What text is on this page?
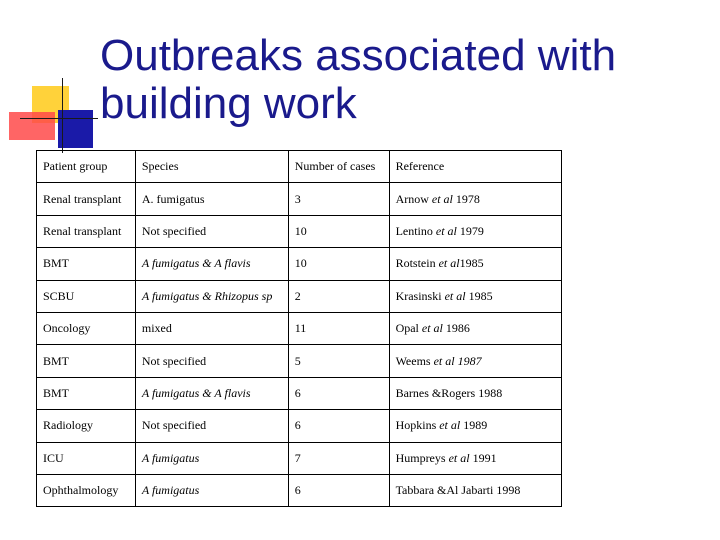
Outbreaks associated with
building work
Patient group	Species	Number of cases	Reference
Renal transplant	A. fumigatus	3	Arnow et al 1978
Renal transplant	Not specified	10	Lentino et al 1979
BMT	A fumigatus & A flavis	10	Rotstein et al1985
SCBU	A fumigatus & Rhizopus sp	2	Krasinski et al 1985
Oncology	mixed	11	Opal et al 1986
BMT	Not specified	5	Weems et al 1987
BMT	A fumigatus & A flavis	6	Barnes &Rogers 1988
Radiology	Not specified	6	Hopkins et al 1989
ICU	A fumigatus	7	Humpreys et al 1991
Ophthalmology	A fumigatus	6	Tabbara &Al Jabarti 1998
